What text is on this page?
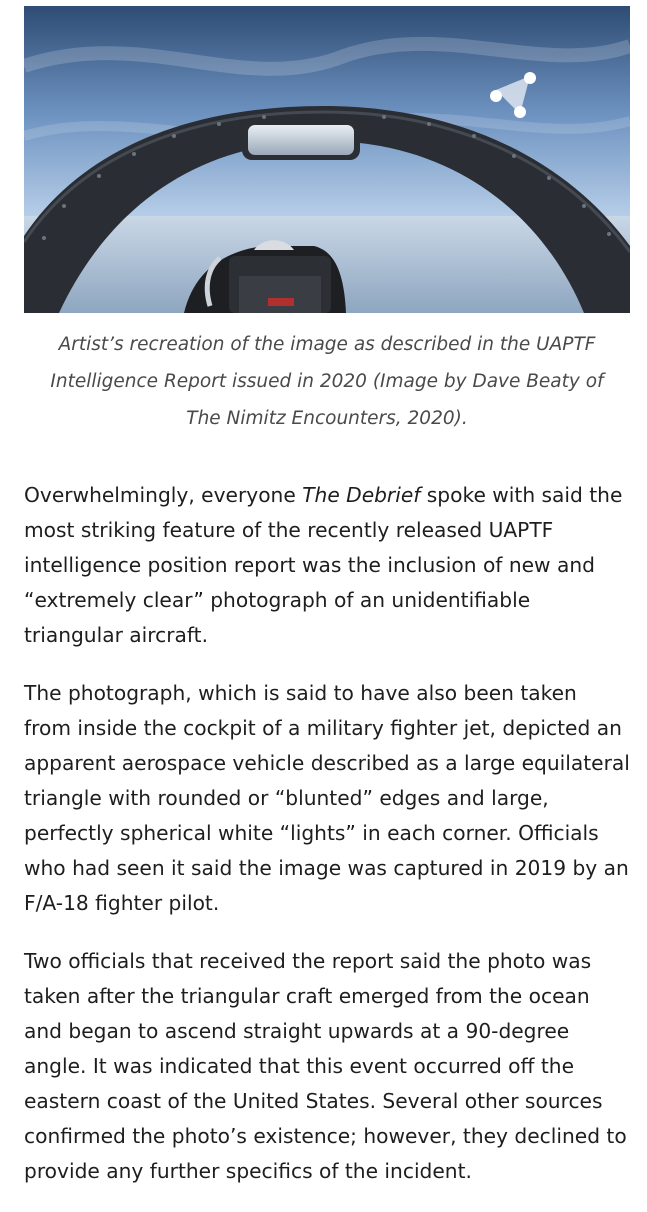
Artist’s recreation of the image as described in the UAPTF
Intelligence Report issued in 2020 (Image by Dave Beaty of
The Nimitz Encounters, 2020).

Overwhelmingly, everyone The Debrief spoke with said the most striking feature of the recently released UAPTF intelligence position report was the inclusion of new and “extremely clear” photograph of an unidentifiable triangular aircraft.

The photograph, which is said to have also been taken from inside the cockpit of a military fighter jet, depicted an apparent aerospace vehicle described as a large equilateral triangle with rounded or “blunted” edges and large, perfectly spherical white “lights” in each corner. Officials who had seen it said the image was captured in 2019 by an F/A-18 fighter pilot.

Two officials that received the report said the photo was taken after the triangular craft emerged from the ocean and began to ascend straight upwards at a 90-degree angle. It was indicated that this event occurred off the eastern coast of the United States. Several other sources confirmed the photo’s existence; however, they declined to provide any further specifics of the incident.
